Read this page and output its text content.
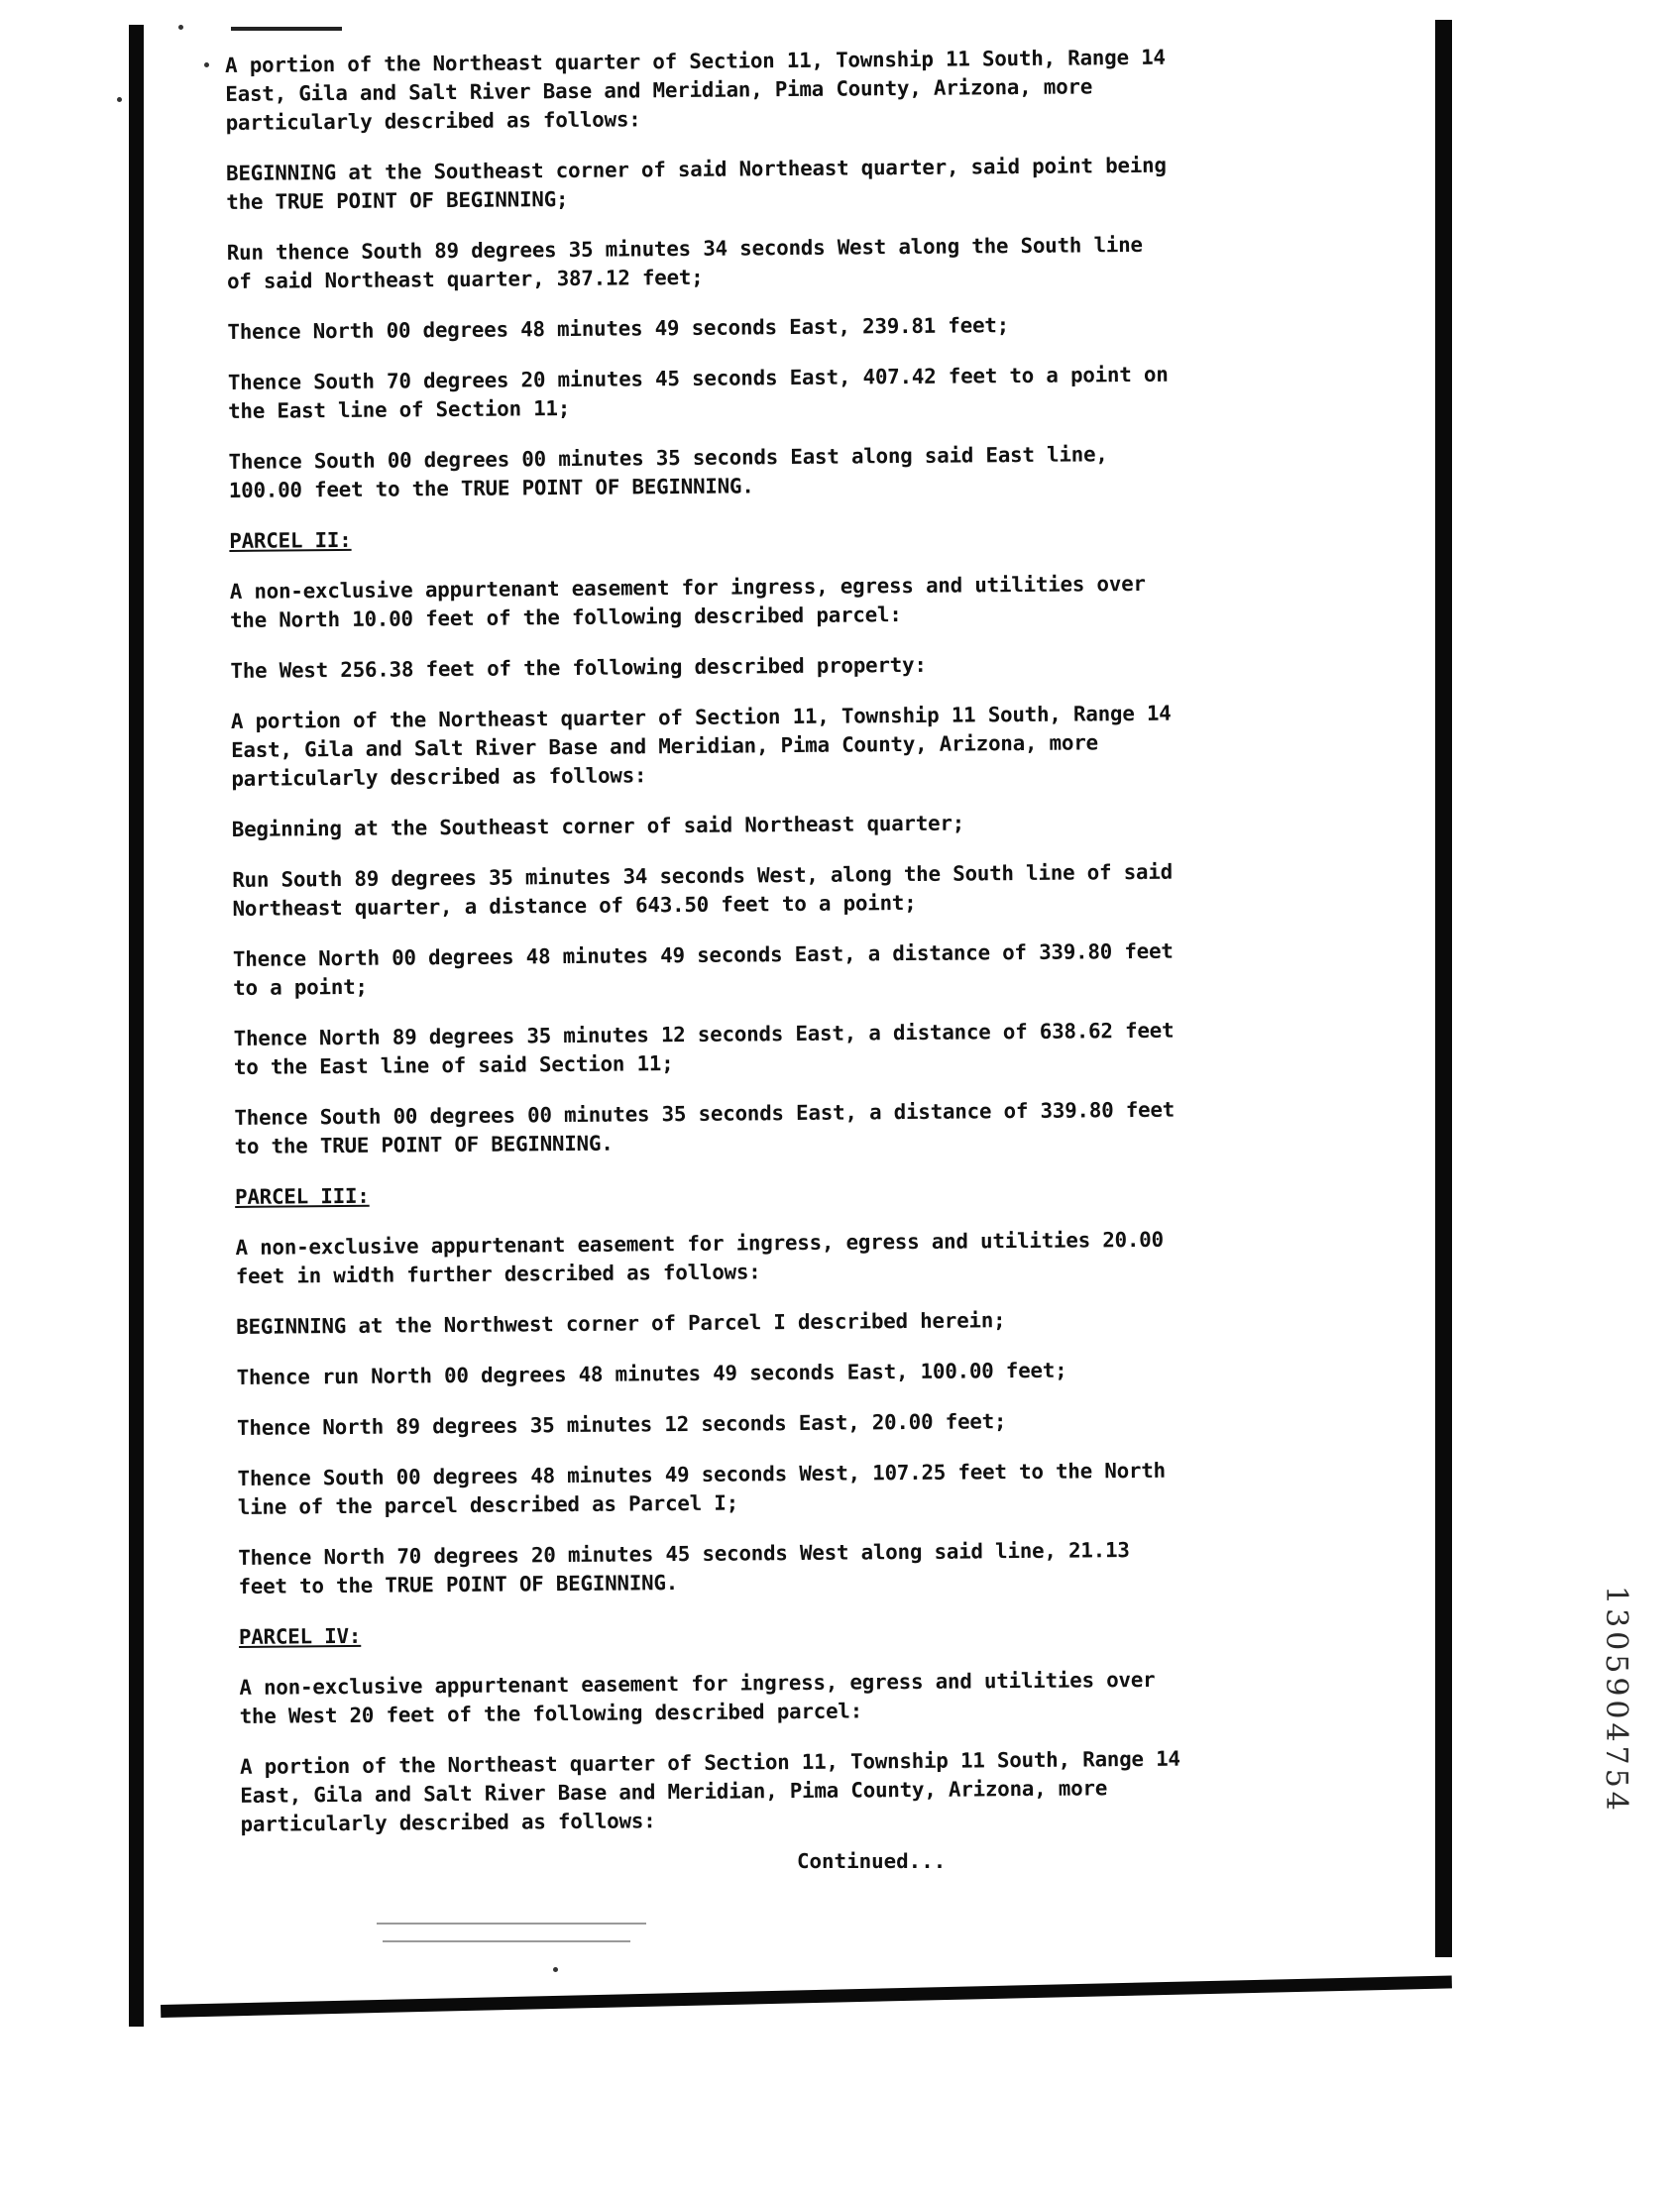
A portion of the Northeast quarter of Section 11, Township 11 South, Range 14
East, Gila and Salt River Base and Meridian, Pima County, Arizona, more
particularly described as follows:

BEGINNING at the Southeast corner of said Northeast quarter, said point being
the TRUE POINT OF BEGINNING;

Run thence South 89 degrees 35 minutes 34 seconds West along the South line
of said Northeast quarter, 387.12 feet;

Thence North 00 degrees 48 minutes 49 seconds East, 239.81 feet;

Thence South 70 degrees 20 minutes 45 seconds East, 407.42 feet to a point on
the East line of Section 11;

Thence South 00 degrees 00 minutes 35 seconds East along said East line,
100.00 feet to the TRUE POINT OF BEGINNING.

PARCEL II:

A non-exclusive appurtenant easement for ingress, egress and utilities over
the North 10.00 feet of the following described parcel:

The West 256.38 feet of the following described property:

A portion of the Northeast quarter of Section 11, Township 11 South, Range 14
East, Gila and Salt River Base and Meridian, Pima County, Arizona, more
particularly described as follows:

Beginning at the Southeast corner of said Northeast quarter;

Run South 89 degrees 35 minutes 34 seconds West, along the South line of said
Northeast quarter, a distance of 643.50 feet to a point;

Thence North 00 degrees 48 minutes 49 seconds East, a distance of 339.80 feet
to a point;

Thence North 89 degrees 35 minutes 12 seconds East, a distance of 638.62 feet
to the East line of said Section 11;

Thence South 00 degrees 00 minutes 35 seconds East, a distance of 339.80 feet
to the TRUE POINT OF BEGINNING.

PARCEL III:

A non-exclusive appurtenant easement for ingress, egress and utilities 20.00
feet in width further described as follows:

BEGINNING at the Northwest corner of Parcel I described herein;

Thence run North 00 degrees 48 minutes 49 seconds East, 100.00 feet;

Thence North 89 degrees 35 minutes 12 seconds East, 20.00 feet;

Thence South 00 degrees 48 minutes 49 seconds West, 107.25 feet to the North
line of the parcel described as Parcel I;

Thence North 70 degrees 20 minutes 45 seconds West along said line, 21.13
feet to the TRUE POINT OF BEGINNING.

PARCEL IV:

A non-exclusive appurtenant easement for ingress, egress and utilities over
the West 20 feet of the following described parcel:

A portion of the Northeast quarter of Section 11, Township 11 South, Range 14
East, Gila and Salt River Base and Meridian, Pima County, Arizona, more
particularly described as follows:

Continued...
1305904754
